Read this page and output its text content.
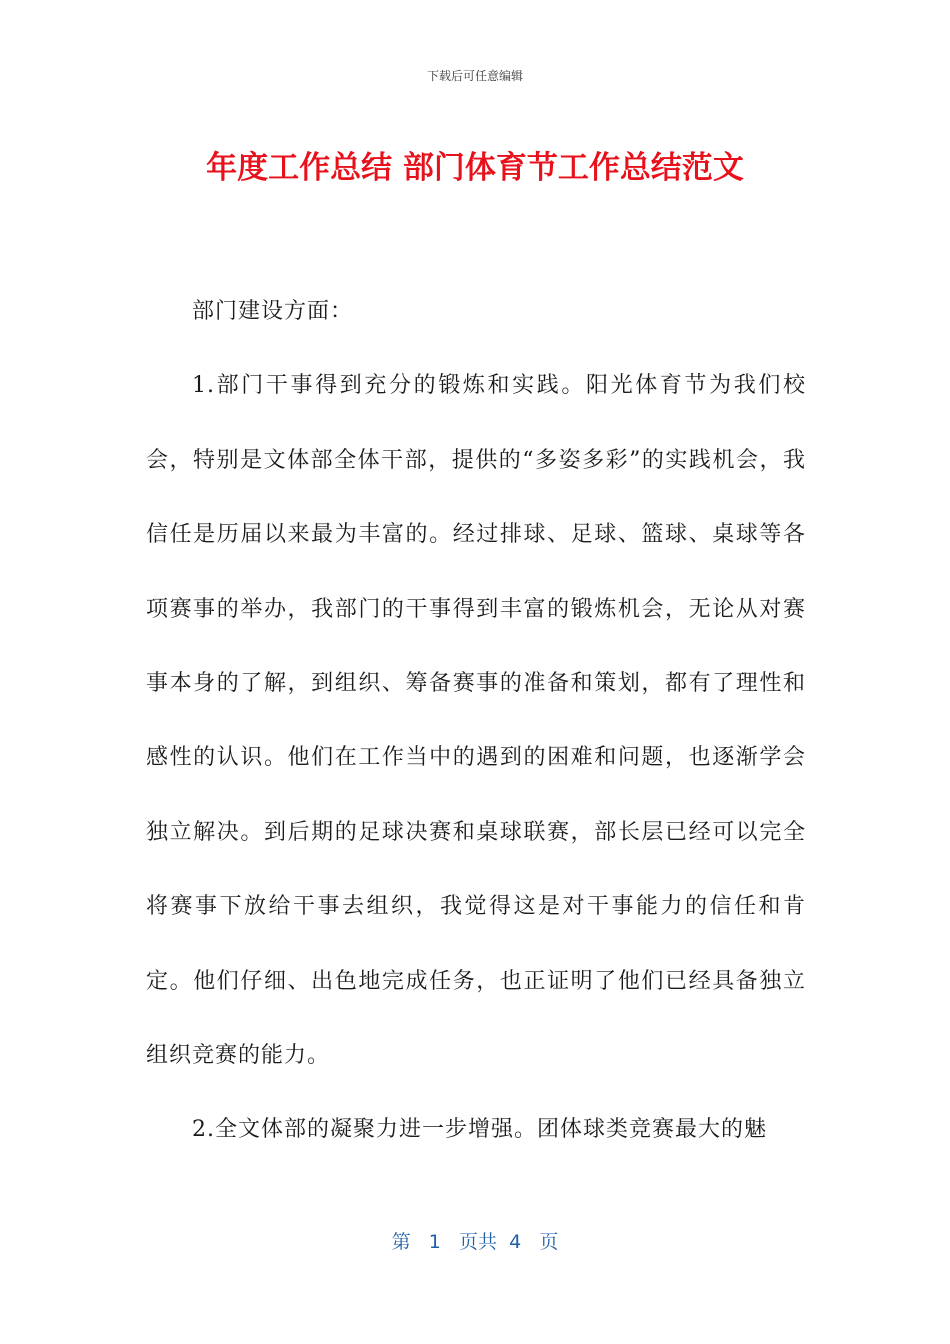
下载后可任意编辑
年度工作总结 部门体育节工作总结范文

部门建设方面：

1.部门干事得到充分的锻炼和实践。阳光体育节为我们校会，特别是文体部全体干部，提供的“多姿多彩”的实践机会，我信任是历届以来最为丰富的。经过排球、足球、篮球、桌球等各项赛事的举办，我部门的干事得到丰富的锻炼机会，无论从对赛事本身的了解，到组织、筹备赛事的准备和策划，都有了理性和感性的认识。他们在工作当中的遇到的困难和问题，也逐渐学会独立解决。到后期的足球决赛和桌球联赛，部长层已经可以完全将赛事下放给干事去组织，我觉得这是对干事能力的信任和肯定。他们仔细、出色地完成任务，也正证明了他们已经具备独立组织竞赛的能力。

2.全文体部的凝聚力进一步增强。团体球类竞赛最大的魅

第 1 页共 4 页
